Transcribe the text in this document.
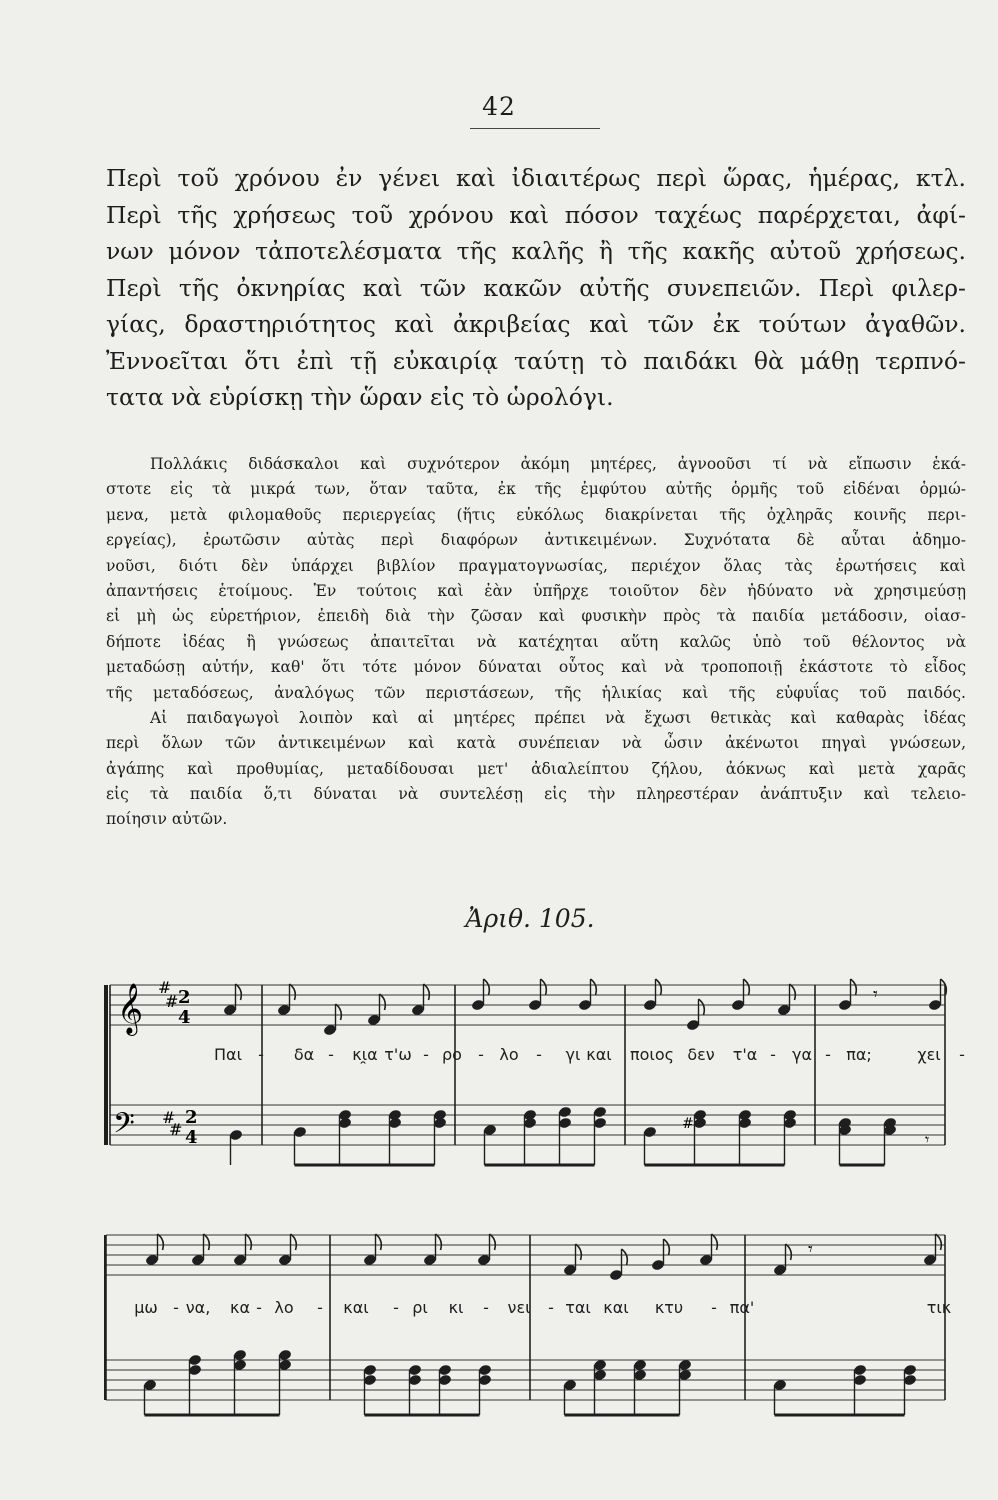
42
Περὶ τοῦ χρόνου ἐν γένει καὶ ἰδιαιτέρως περὶ ὥρας, ἡμέρας, κτλ.
Περὶ τῆς χρήσεως τοῦ χρόνου καὶ πόσον ταχέως παρέρχεται, ἀφί-
νων μόνον τἀποτελέσματα τῆς καλῆς ἢ τῆς κακῆς αὐτοῦ χρήσεως.
Περὶ τῆς ὀκνηρίας καὶ τῶν κακῶν αὐτῆς συνεπειῶν. Περὶ φιλερ-
γίας, δραστηριότητος καὶ ἀκριβείας καὶ τῶν ἐκ τούτων ἀγαθῶν.
Ἐννοεῖται ὅτι ἐπὶ τῇ εὐκαιρίᾳ ταύτῃ τὸ παιδάκι θὰ μάθῃ τερπνό-
τατα νὰ εὑρίσκῃ τὴν ὥραν εἰς τὸ ὡρολόγι.
Πολλάκις διδάσκαλοι καὶ συχνότερον ἀκόμη μητέρες, ἀγνοοῦσι τί νὰ εἴπωσιν ἑκά-
στοτε εἰς τὰ μικρά των, ὅταν ταῦτα, ἐκ τῆς ἐμφύτου αὐτῆς ὁρμῆς τοῦ εἰδέναι ὁρμώ-
μενα, μετὰ φιλομαθοῦς περιεργείας (ἥτις εὐκόλως διακρίνεται τῆς ὀχληρᾶς κοινῆς περι-
εργείας), ἐρωτῶσιν αὐτὰς περὶ διαφόρων ἀντικειμένων. Συχνότατα δὲ αὗται ἀδημο-
νοῦσι, διότι δὲν ὑπάρχει βιβλίον πραγματογνωσίας, περιέχον ὅλας τὰς ἐρωτήσεις καὶ
ἀπαντήσεις ἑτοίμους. Ἐν τούτοις καὶ ἐὰν ὑπῆρχε τοιοῦτον δὲν ἠδύνατο νὰ χρησιμεύσῃ
εἰ μὴ ὡς εὑρετήριον, ἐπειδὴ διὰ τὴν ζῶσαν καὶ φυσικὴν πρὸς τὰ παιδία μετάδοσιν, οἱασ-
δήποτε ἰδέας ἢ γνώσεως ἀπαιτεῖται νὰ κατέχηται αὕτη καλῶς ὑπὸ τοῦ θέλοντος νὰ
μεταδώσῃ αὐτήν, καθ' ὅτι τότε μόνον δύναται οὗτος καὶ νὰ τροποποιῇ ἑκάστοτε τὸ εἶδος
τῆς μεταδόσεως, ἀναλόγως τῶν περιστάσεων, τῆς ἡλικίας καὶ τῆς εὐφυΐας τοῦ παιδός.
Αἱ παιδαγωγοὶ λοιπὸν καὶ αἱ μητέρες πρέπει νὰ ἔχωσι θετικὰς καὶ καθαρὰς ἰδέας
περὶ ὅλων τῶν ἀντικειμένων καὶ κατὰ συνέπειαν νὰ ὦσιν ἀκένωτοι πηγαὶ γνώσεων,
ἀγάπης καὶ προθυμίας, μεταδίδουσαι μετ' ἀδιαλείπτου ζήλου, ἀόκνως καὶ μετὰ χαρᾶς
εἰς τὰ παιδία ὅ,τι δύναται νὰ συντελέσῃ εἰς τὴν πληρεστέραν ἀνάπτυξιν καὶ τελειο-
ποίησιν αὐτῶν.
Ἀριθ. 105.
𝄞
𝄢
#
#
#
#
2
4
2
4
𝄾
𝄾
#
𝄾
Παι - δα - κι̯α τ'ω - ρο - λο - γι και ποιος δεν τ'α - γα - πα;	χει -
μω - να, κα - λο - και - ρι κι - νει - ται και κτυ - πα'	τικ
